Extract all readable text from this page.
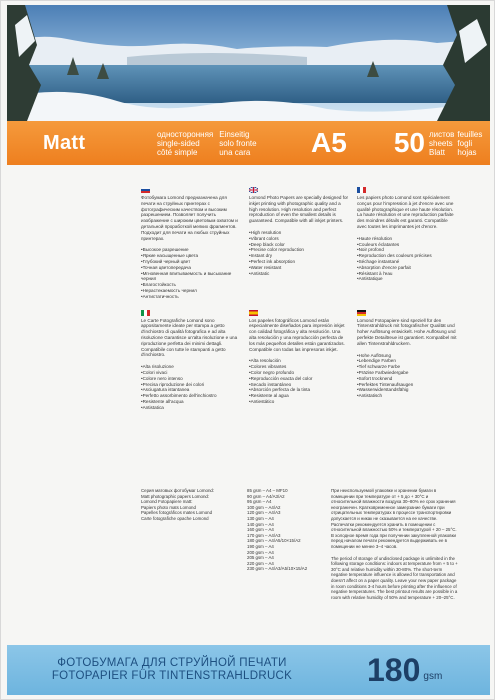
Matt	односторонняя
single-sided
côté simple
Einseitig
solo fronte
una cara A5	50 листов
sheets
Blatt
feuilles
fogli
hojas

Фотобумага Lomond предназначена для печати на струйных принтерах с фотографическим качеством и высоким разрешением. Позволяет получить изображение с широким цветовым охватом и детальной проработкой мелких фрагментов. Подходит для печати на любых струйных принтерах.

• Высокое разрешение
• Яркие насыщенные цвета
• Глубокий черный цвет
• Точная цветопередача
• Мгновенная впитываемость и высыхание чернил
• Влагостойкость
• Нерастекаемость чернил
• Антистатичность

Lomond Photo Papers are specially designed for inkjet printing with photographic quality and a high resolution. High resolution and perfect reproduction of even the smallest details is guaranteed. Compatible with all inkjet printers.

• High resolution
• Vibrant colors
• Deep black color
• Precise color reproduction
• Instant dry
• Perfect ink absorption
• Water resistant
• Antistatic

Les papiers photo Lomond sont spécialement conçus pour l'impression à jet d'encre avec une qualité photographique et une haute résolution. La haute résolution et une reproduction parfaite des moindres détails est garanti. Compatible avec toutes les imprimantes jet d'encre.

• Haute résolution
• Couleurs éclatantes
• Noir profond
• Reproduction des couleurs précises
• Séchage instantané
• Absorption d'encre parfait
• Résistant à l'eau
• Antistatique

Le Carte Fotografiche Lomond sono appositamente ideate per stampa a getto d'inchiostro di qualità fotografica e ad alta risoluzione Garantisce un'alta risoluzione e una riproduzione perfetta dei minimi dettagli. Compatibile con tutte le stampanti a getto d'inchiostro.

• Alta risoluzione
• Colori vivaci
• Colore nero intenso
• Precisa riproduzione dei colori
• Asciugatura istantanea
• Perfetto assorbimento dell'inchiostro
• Resistente all'acqua
• Antistatica

Los papeles fotográficos Lomond están especialmente diseñados para impresión inkjet con calidad fotográfica y alta resolución. Una alta resolución y una reproducción perfecta de los más pequeños detalles están garantizados. Compatible con todas las impresoras inkjet.

• Alta resolución
• Colores vibrantes
• Color negro profundo
• Reproducción exacta del color
• Secado instantáneo
• Absorción perfecta de la tinta
• Resistente al agua
• Antiestático

Lomond Fotopapiere sind speziell für den Tintenstrahldruck mit fotografischer Qualität und hoher Auflösung entwickelt. Hohe Auflösung und perfekte Detailtreue ist garantiert. Kompatibel mit allen Tintenstrahldruckern.

• Hohe Auflösung
• Lebendige Farben
• Tief schwarze Farbe
• Präzise Farbwiedergabe
• Sofort trocknend
• Perfektes Tintenaufsaugen
• Wasserwiderstandsfähig
• Antistatisch
Серия матовых фотобумаг Lomond:
Matt photographic papers Lomond:
Lomond Fotopapiere matt:
Papiers photo mats Lomond
Papelles fotográficos mates Lomond
Carte fotografiche opache Lomond
85 gsm – A4 – MF10
90 gsm – A4/A3/A2
95 gsm – A4
100 gsm – A4/A2
120 gsm – A4/A3
130 gsm – A4
140 gsm – A4
160 gsm – A4
170 gsm – A4/A3
180 gsm – A4/A5/10×15/A2
190 gsm – A4
200 gsm – A4
205 gsm – A4
220 gsm – A4
230 gsm – A4/A3/A5/10×15/A2

При неиспользуемой упаковке и хранении бумаги в помещении при температуре от + 5 до + 30°C и относительной влажности воздуха 30–80% ее срок хранения неограничен. Кратковременное замерзание бумаги при отрицательных температурах в процессе транспортировки допускается и никак не сказывается на ее качестве. Распечатки рекомендуется хранить в помещении с относительной влажностью 50% и температурой + 20 – 25°C. В холодное время года при получении закупленной упаковки перед началом печати рекомендуется выдерживать ее в помещении не менее 3–4 часов.

The period of storage of undisclosed package is unlimited in the following storage conditions: indoors at temperature from + 5 to + 30°C and relative humidity within 30-80%. The short-term negative temperature influence is allowed for transportation and doesn't affect on a paper quality. Leave your new paper package in room conditions 3-4 hours before printing after the influence of negative temperatures. The best printout results are possible in a room with relative humidity of 50% and temperature + 20–25°C.

ФОТОБУМАГА ДЛЯ СТРУЙНОЙ ПЕЧАТИ
FOTOPAPIER FÜR TINTENSTRAHLDRUCK	180 gsm
